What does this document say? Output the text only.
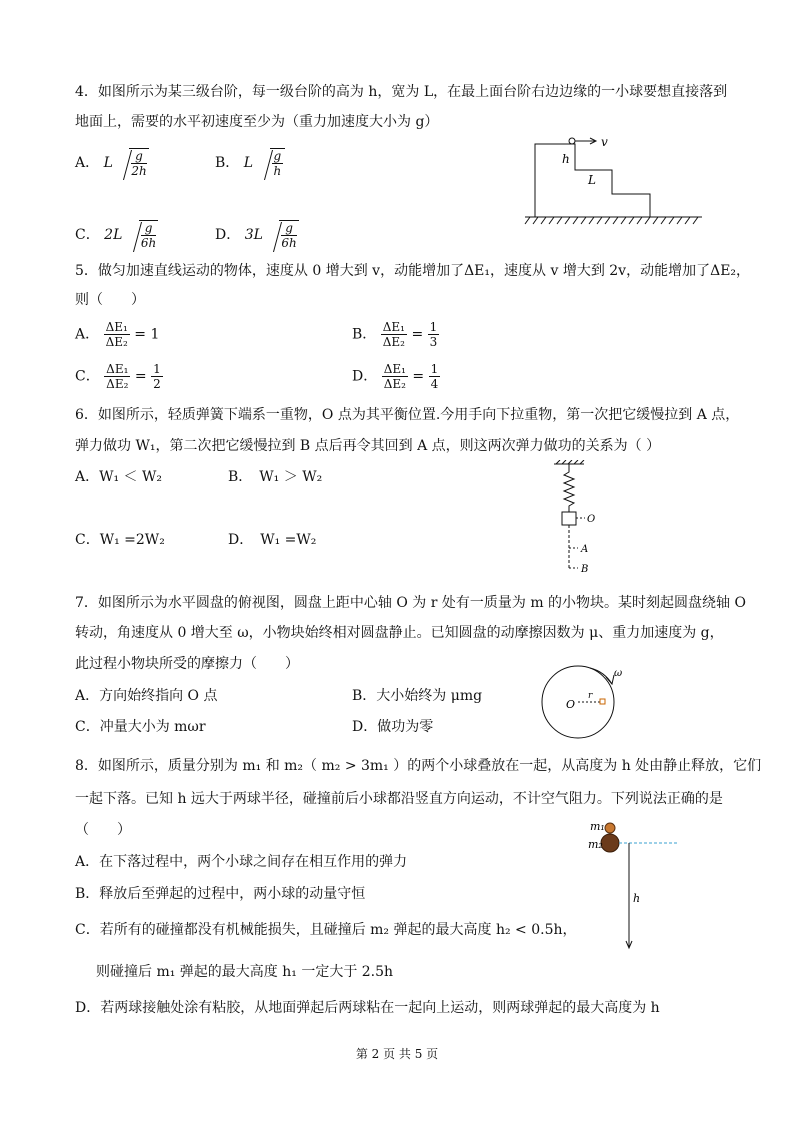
4．如图所示为某三级台阶，每一级台阶的高为 h，宽为 L，在最上面台阶右边边缘的一小球要想直接落到
地面上，需要的水平初速度至少为（重力加速度大小为 g）
A． L $\frac{g}{2h}$	B． L $\frac{g}{h}$
C． $2L \frac{g}{6h}$	D． $3L \frac{g}{6h}$
h
L
v
5．做匀加速直线运动的物体，速度从 0 增大到 v，动能增加了ΔE₁，速度从 v 增大到 2v，动能增加了ΔE₂，
则（　　）
A． $\frac{\text{ΔE₁}}{\text{ΔE₂}} = 1$	B． $\frac{\text{ΔE₁}}{\text{ΔE₂}} = \frac{1}{3}$
C． $\frac{\text{ΔE₁}}{\text{ΔE₂}} = \frac{1}{2}$	D． $\frac{\text{ΔE₁}}{\text{ΔE₂}} = \frac{1}{4}$
6．如图所示，轻质弹簧下端系一重物，O 点为其平衡位置.今用手向下拉重物，第一次把它缓慢拉到 A 点，
弹力做功 W₁，第二次把它缓慢拉到 B 点后再令其回到 A 点，则这两次弹力做功的关系为（ ）
A．W₁ ＜ W₂	B．　W₁ ＞ W₂
C．W₁ =2W₂	D．　W₁ =W₂
O
A
B
7．如图所示为水平圆盘的俯视图，圆盘上距中心轴 O 为 r 处有一质量为 m 的小物块。某时刻起圆盘绕轴 O
转动，角速度从 0 增大至 ω，小物块始终相对圆盘静止。已知圆盘的动摩擦因数为 μ、重力加速度为 g，
此过程小物块所受的摩擦力（　　）
A．方向始终指向 O 点	B．大小始终为 μmg
C．冲量大小为 mωr	D．做功为零
O
r
ω
8．如图所示，质量分别为 m₁ 和 m₂（ m₂ > 3m₁ ）的两个小球叠放在一起，从高度为 h 处由静止释放，它们
一起下落。已知 h 远大于两球半径，碰撞前后小球都沿竖直方向运动，不计空气阻力。下列说法正确的是
（　　）
A．在下落过程中，两个小球之间存在相互作用的弹力
B．释放后至弹起的过程中，两小球的动量守恒
C．若所有的碰撞都没有机械能损失，且碰撞后 m₂ 弹起的最大高度 h₂ < 0.5h，
则碰撞后 m₁ 弹起的最大高度 h₁ 一定大于 2.5h
D．若两球接触处涂有粘胶，从地面弹起后两球粘在一起向上运动，则两球弹起的最大高度为 h
m₁
m₂
h
第 2 页 共 5 页
